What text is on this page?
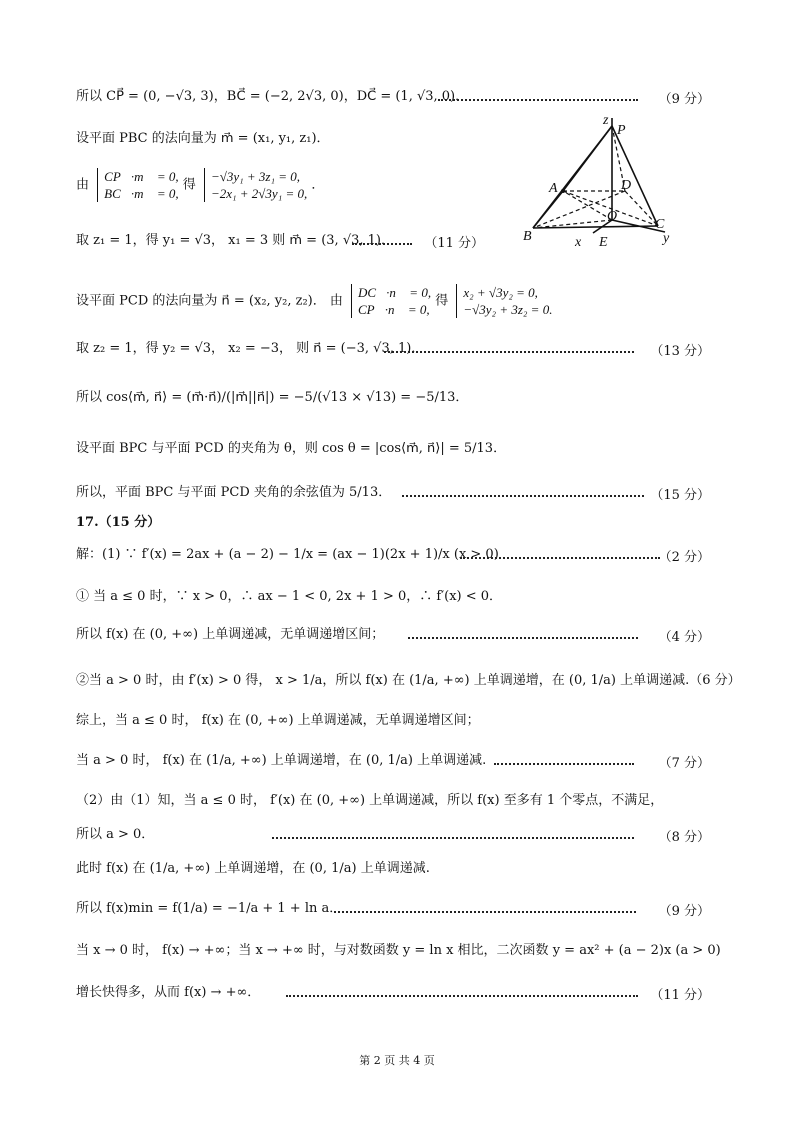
所以 CP⃗ = (0, −√3, 3)，BC⃗ = (−2, 2√3, 0)，DC⃗ = (1, √3, 0)．	（9 分）
设平面 PBC 的法向量为 m⃗ = (x₁, y₁, z₁)．
由 CP⃗·m⃗ = 0,
BC⃗·m⃗ = 0, 得 −√3y₁ + 3z₁ = 0,
−2x₁ + 2√3y₁ = 0, ．
取 z₁ = 1，得 y₁ = √3， x₁ = 3 则 m⃗ = (3, √3, 1)． （11 分）
z
P
A	D
O
C
B	x E	y
设平面 PCD 的法向量为 n⃗ = (x₂, y₂, z₂)． 由 DC⃗·n⃗ = 0,
CP⃗·n⃗ = 0, 得 x₂ + √3y₂ = 0,
−√3y₂ + 3z₂ = 0.
取 z₂ = 1，得 y₂ = √3， x₂ = −3， 则 n⃗ = (−3, √3, 1)．	（13 分）
所以 cos⟨m⃗, n⃗⟩ = (m⃗·n⃗)/(|m⃗||n⃗|) = −5/(√13 × √13) = −5/13．
设平面 BPC 与平面 PCD 的夹角为 θ，则 cos θ = |cos⟨m⃗, n⃗⟩| = 5/13．
所以，平面 BPC 与平面 PCD 夹角的余弦值为 5/13．	（15 分）
17.（15 分）
解：(1) ∵ f′(x) = 2ax + (a − 2) − 1/x = (ax − 1)(2x + 1)/x (x > 0)	（2 分）
① 当 a ≤ 0 时，∵ x > 0，∴ ax − 1 < 0, 2x + 1 > 0，∴ f′(x) < 0．
所以 f(x) 在 (0, +∞) 上单调递减，无单调递增区间；	（4 分）
②当 a > 0 时，由 f′(x) > 0 得， x > 1/a，所以 f(x) 在 (1/a, +∞) 上单调递增，在 (0, 1/a) 上单调递减.（6 分）
综上，当 a ≤ 0 时， f(x) 在 (0, +∞) 上单调递减，无单调递增区间；
当 a > 0 时， f(x) 在 (1/a, +∞) 上单调递增，在 (0, 1/a) 上单调递减.	（7 分）
（2）由（1）知，当 a ≤ 0 时， f′(x) 在 (0, +∞) 上单调递减，所以 f(x) 至多有 1 个零点，不满足，
所以 a > 0．	（8 分）
此时 f(x) 在 (1/a, +∞) 上单调递增，在 (0, 1/a) 上单调递减.
所以 f(x)min = f(1/a) = −1/a + 1 + ln a．	（9 分）
当 x → 0 时， f(x) → +∞；当 x → +∞ 时，与对数函数 y = ln x 相比，二次函数 y = ax² + (a − 2)x (a > 0)
增长快得多，从而 f(x) → +∞．	（11 分）
第 2 页 共 4 页
